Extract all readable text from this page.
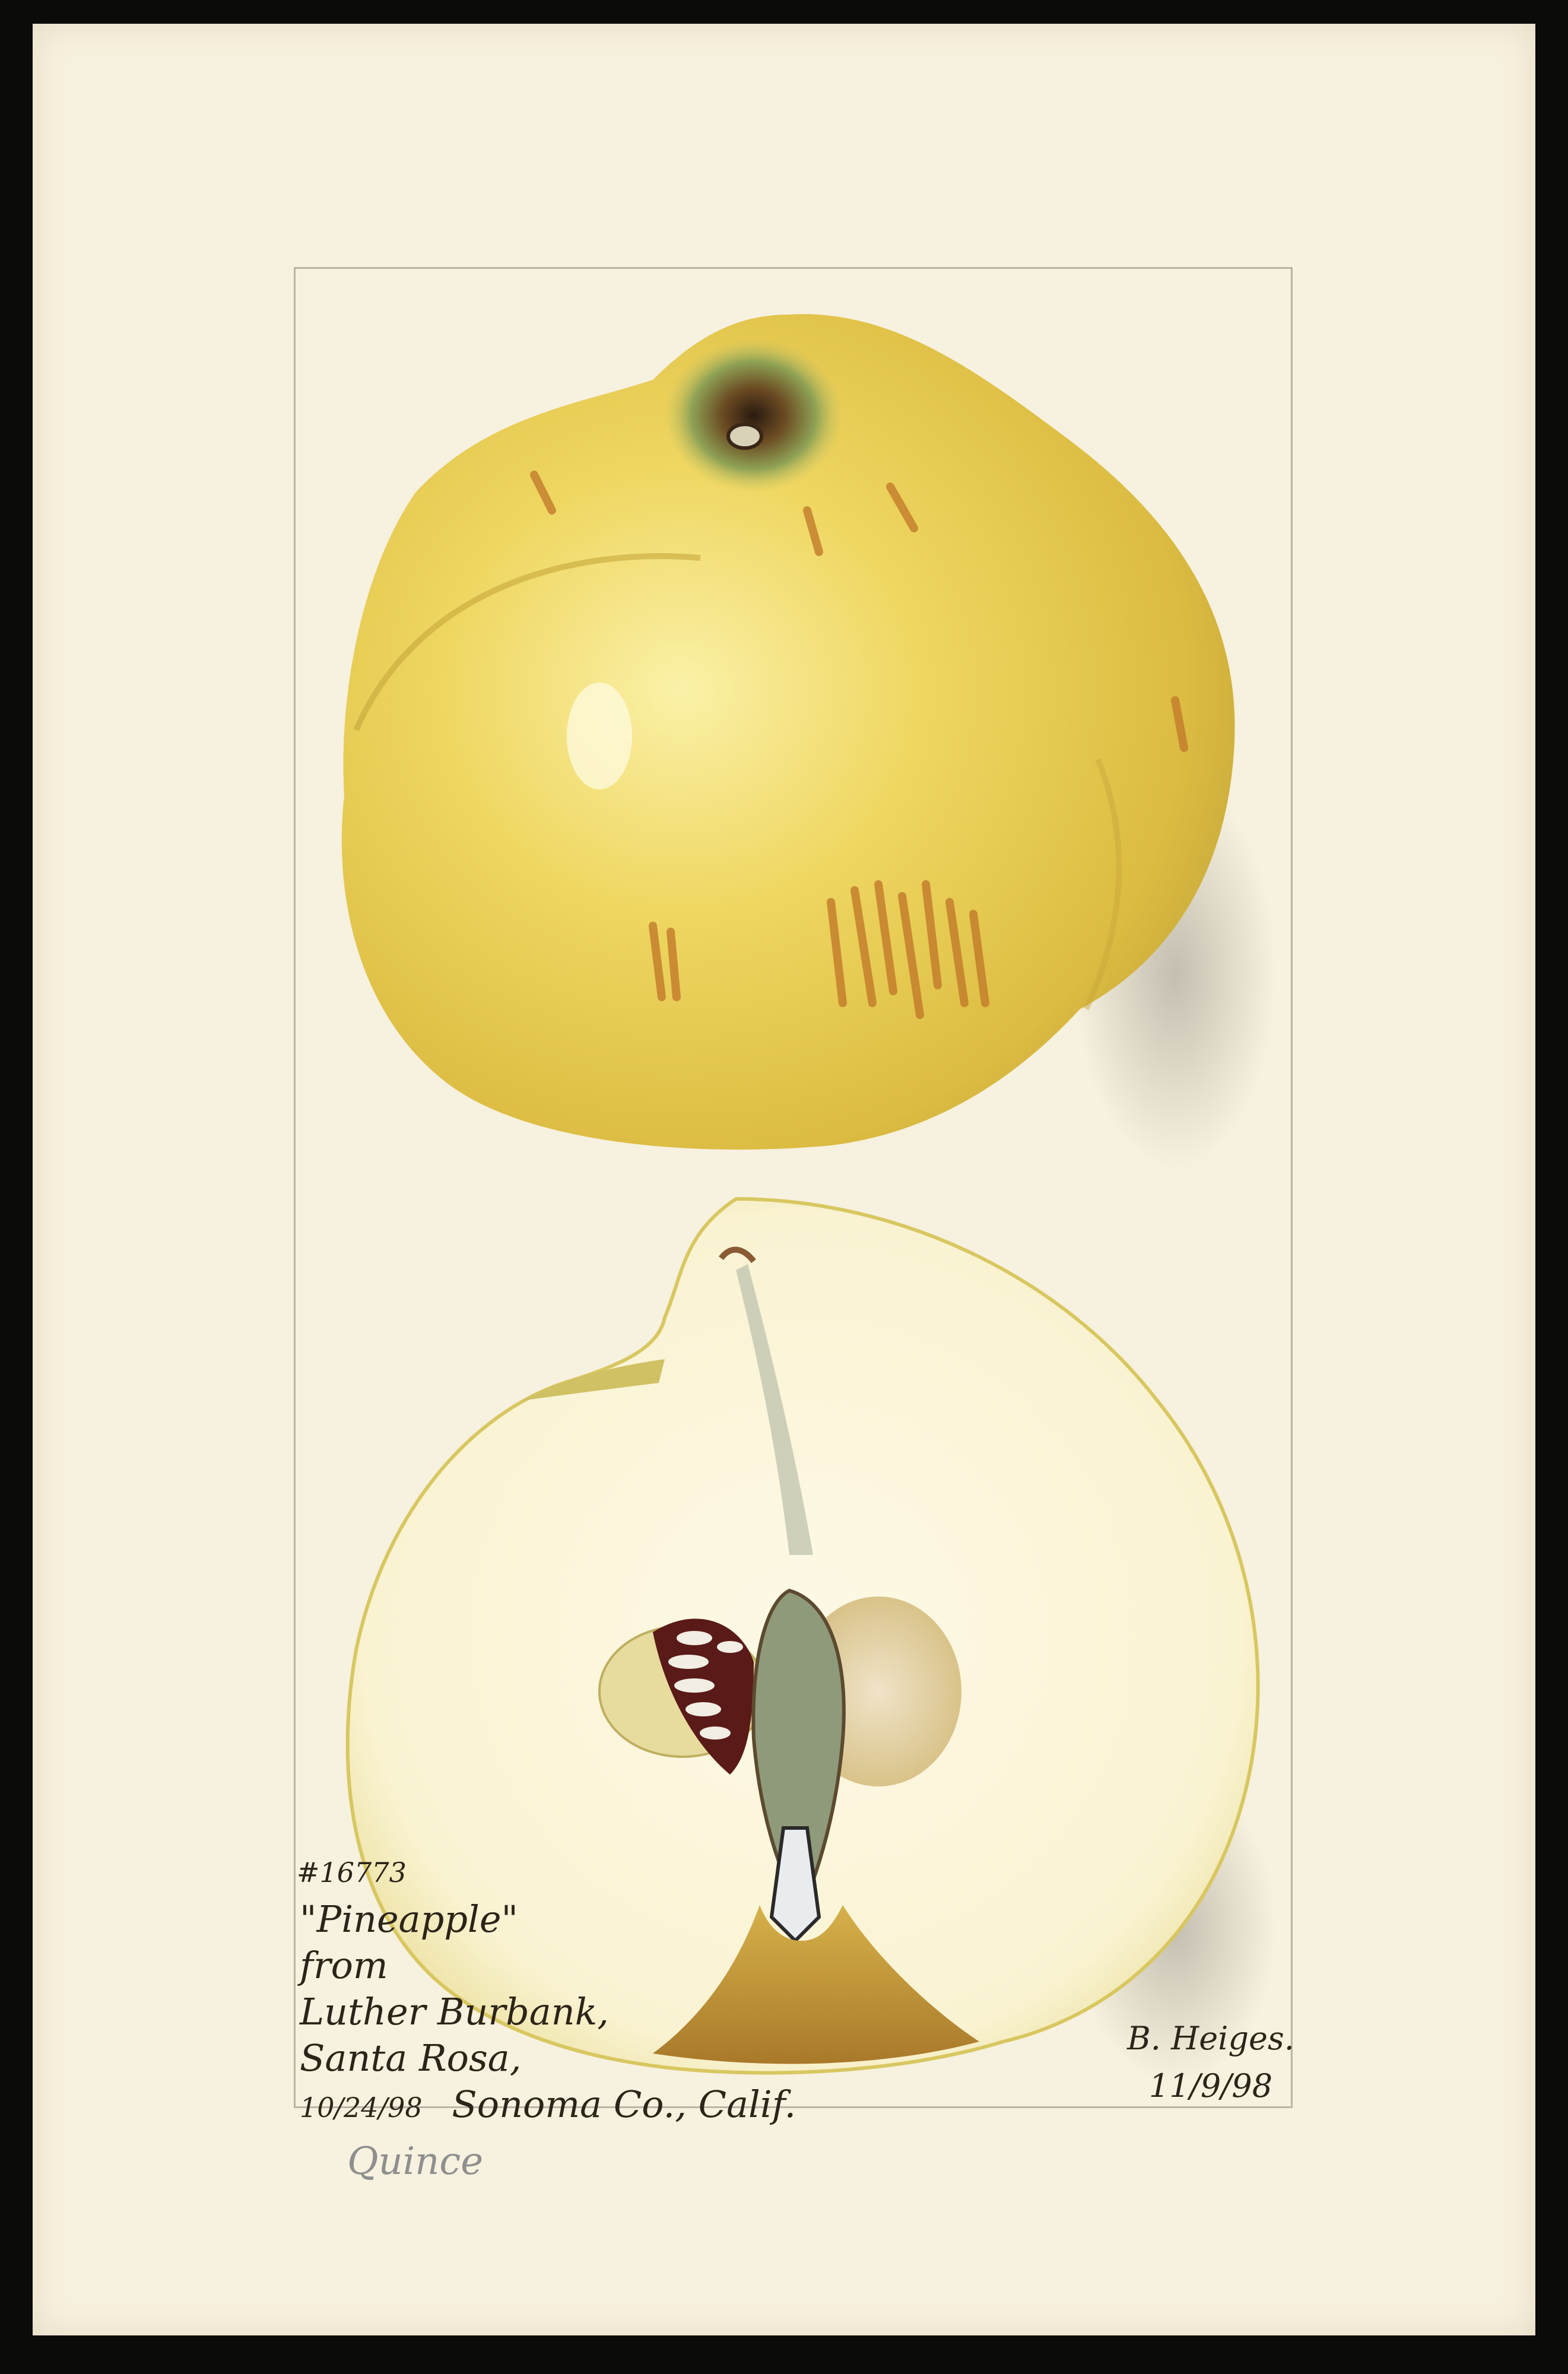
"Pineapple"
from
Luther Burbank,
Santa Rosa,
10/24/98 Sonoma Co., Calif.
#16773
B. Heiges.
11/9/98
Quince
